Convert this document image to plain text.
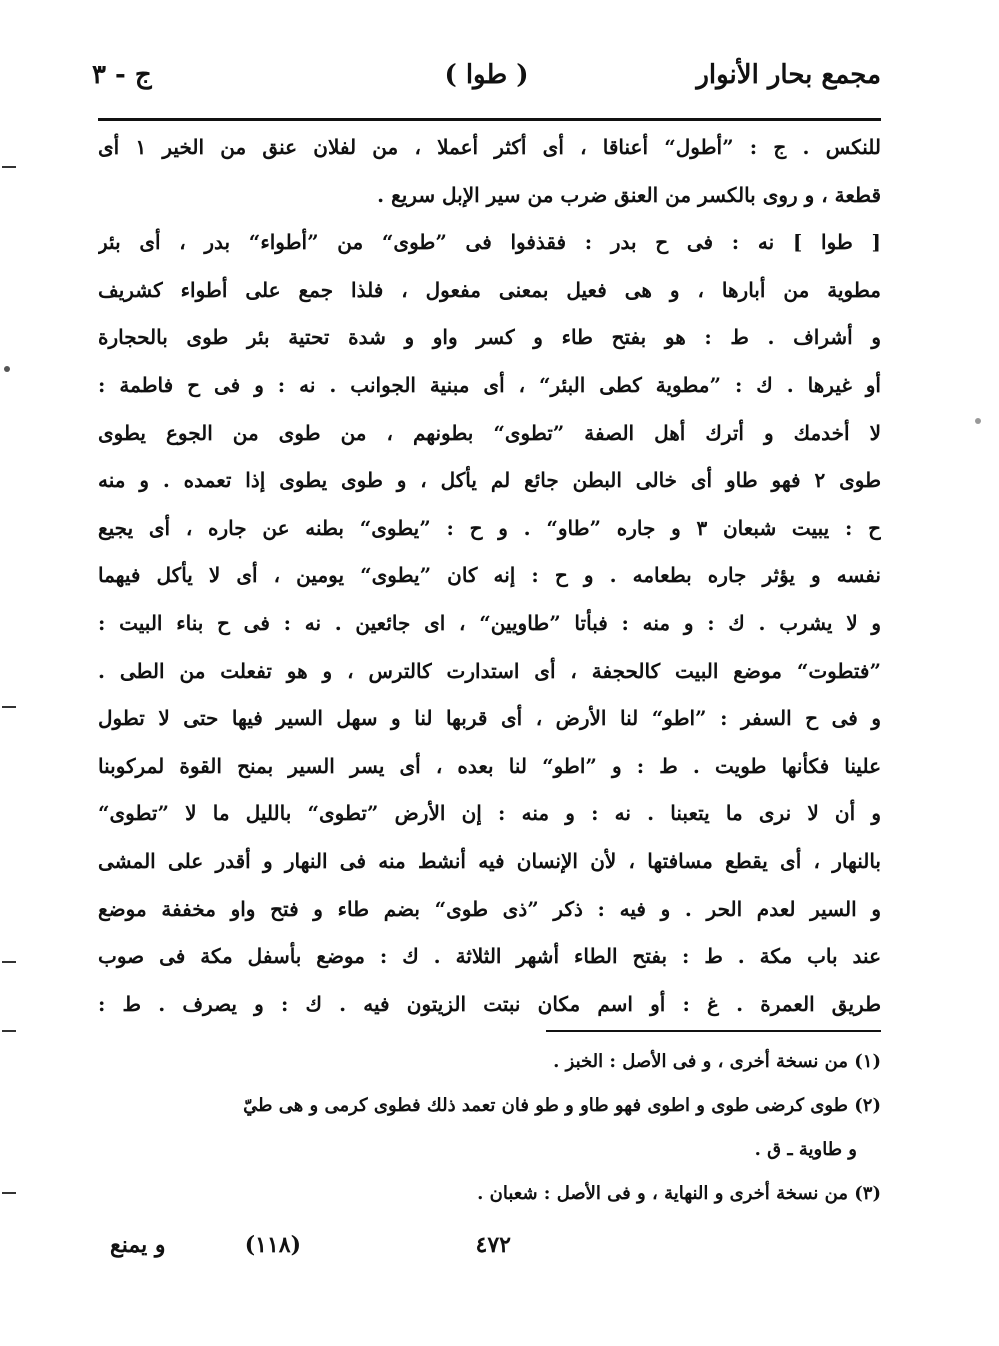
مجمع بحار الأنوار
( طوا )
ج - ٣
للنكس . ج : ”أطول“ أعناقا ، أى أكثر أعملا ، من لفلان عنق من الخير ١ أى
قطعة ، و روى بالكسر من العنق ضرب من سير الإبل سريع .
[ طوا ] نه : فى ح بدر : فقذفوا فى ”طوى“ من ”أطواء“ بدر ، أى بئر
مطوية من أبارها ، و هى فعيل بمعنى مفعول ، فلذا جمع على أطواء كشريف
و أشراف . ط : هو بفتح طاء و كسر واو و شدة تحتية بئر طوى بالحجارة
أو غيرها . ك : ”مطوية كطى البئر“ ، أى مبنية الجوانب . نه : و فى ح فاطمة :
لا أخدمك و أترك أهل الصفة ”تطوى“ بطونهم ، من طوى من الجوع يطوى
طوى ٢ فهو طاو أى خالى البطن جائع لم يأكل ، و طوى يطوى إذا تعمده . و منه
ح : يبيت شبعان ٣ و جاره ”طاو“ . و ح : ”يطوى“ بطنه عن جاره ، أى يجيع
نفسه و يؤثر جاره بطعامه . و ح : إنه كان ”يطوى“ يومين ، أى لا يأكل فيهما
و لا يشرب . ك : و منه : فبأتا ”طاويين“ ، اى جائعين . نه : فى ح بناء البيت :
”فتطوت“ موضع البيت كالحجفة ، أى استدارت كالترس ، و هو تفعلت من الطى .
و فى ح السفر : ”اطو“ لنا الأرض ، أى قربها لنا و سهل السير فيها حتى لا تطول
علينا فكأنها طويت . ط : و ”اطو“ لنا بعده ، أى يسر السير بمنح القوة لمركوبنا
و أن لا نرى ما يتعبنا . نه : و منه : إن الأرض ”تطوى“ بالليل ما لا ”تطوى“
بالنهار ، أى يقطع مسافتها ، لأن الإنسان فيه أنشط منه فى النهار و أقدر على المشى
و السير لعدم الحر . و فيه : ذكر ”ذى طوى“ بضم طاء و فتح واو مخففة موضع
عند باب مكة . ط : بفتح الطاء أشهر الثلاثة . ك : موضع بأسفل مكة فى صوب
طريق العمرة . غ : أو اسم مكان نبتت الزيتون فيه . ك : و يصرف . ط :
(١) من نسخة أخرى ، و فى الأصل : الخبز .
(٢) طوى كرضى طوى و اطوى فهو طاو و طو فان تعمد ذلك فطوى كرمى و هى طيّ
و طاوية ـ ق .
(٣) من نسخة أخرى و النهاية ، و فى الأصل : شعبان .
٤٧٢
(١١٨)
و يمنع
